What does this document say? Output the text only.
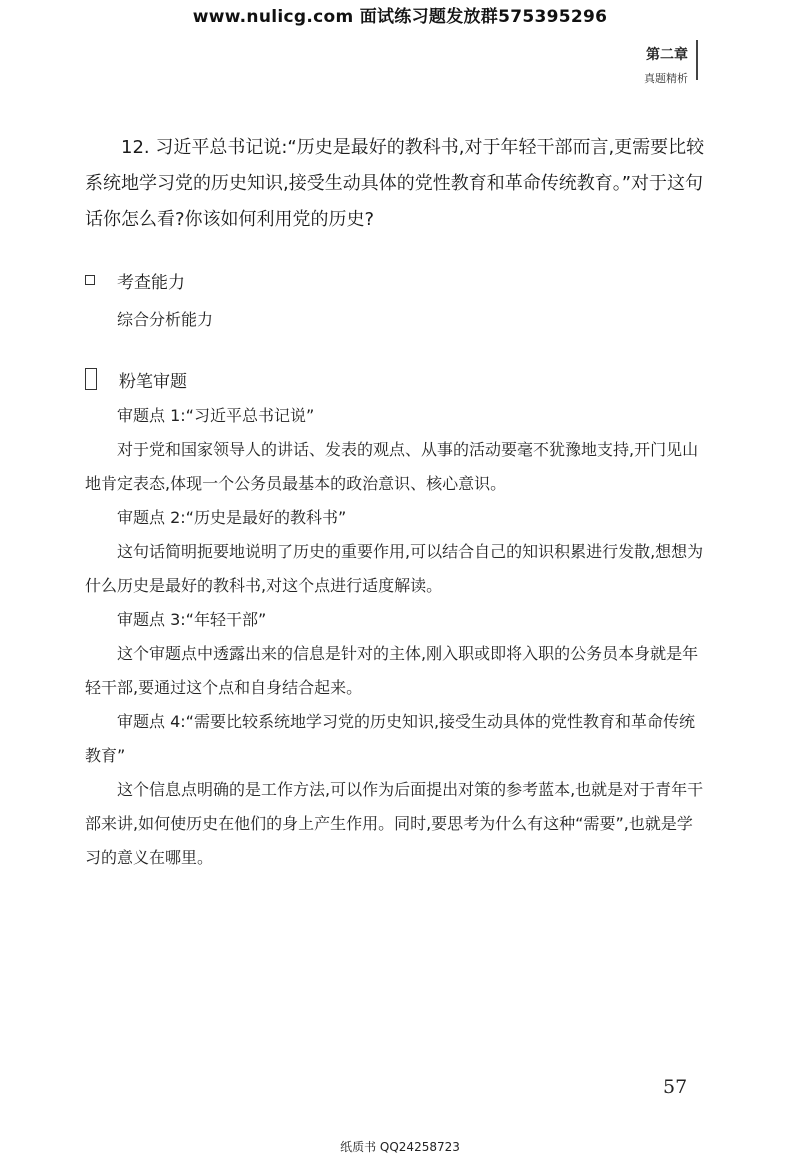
www.nulicg.com 面试练习题发放群575395296
第二章
真题精析
12. 习近平总书记说:“历史是最好的教科书,对于年轻干部而言,更需要比较系统地学习党的历史知识,接受生动具体的党性教育和革命传统教育。”对于这句话你怎么看?你该如何利用党的历史?
考查能力
综合分析能力
粉笔审题
审题点 1:“习近平总书记说”
对于党和国家领导人的讲话、发表的观点、从事的活动要毫不犹豫地支持,开门见山地肯定表态,体现一个公务员最基本的政治意识、核心意识。
审题点 2:“历史是最好的教科书”
这句话简明扼要地说明了历史的重要作用,可以结合自己的知识积累进行发散,想想为什么历史是最好的教科书,对这个点进行适度解读。
审题点 3:“年轻干部”
这个审题点中透露出来的信息是针对的主体,刚入职或即将入职的公务员本身就是年轻干部,要通过这个点和自身结合起来。
审题点 4:“需要比较系统地学习党的历史知识,接受生动具体的党性教育和革命传统教育”
这个信息点明确的是工作方法,可以作为后面提出对策的参考蓝本,也就是对于青年干部来讲,如何使历史在他们的身上产生作用。同时,要思考为什么有这种“需要”,也就是学习的意义在哪里。
57
纸质书 QQ24258723
